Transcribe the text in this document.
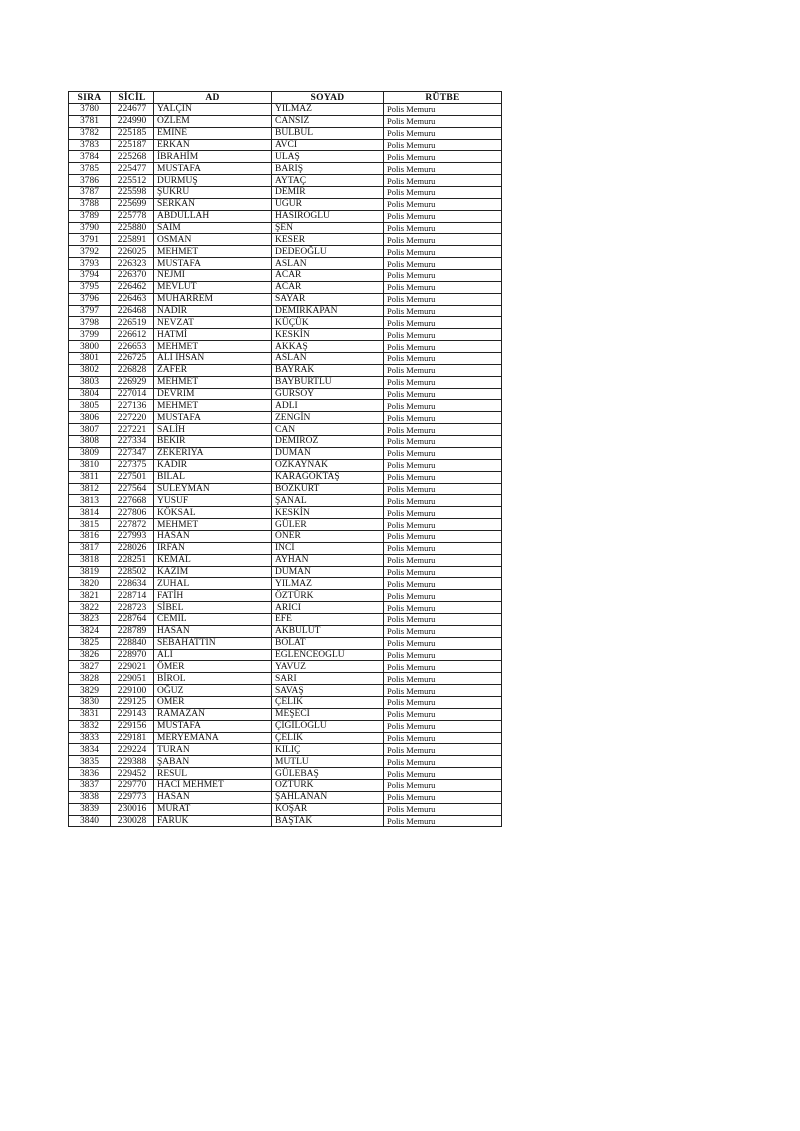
SIRA	SİCİL	AD	SOYAD	RÜTBE
3780	224677	YALÇIN	YILMAZ	Polis Memuru
3781	224990	ÖZLEM	CANSIZ	Polis Memuru
3782	225185	EMİNE	BÜLBÜL	Polis Memuru
3783	225187	ERKAN	AVCI	Polis Memuru
3784	225268	İBRAHİM	ULAŞ	Polis Memuru
3785	225477	MUSTAFA	BARIŞ	Polis Memuru
3786	225512	DURMUŞ	AYTAÇ	Polis Memuru
3787	225598	ŞÜKRÜ	DEMİR	Polis Memuru
3788	225699	SERKAN	UĞUR	Polis Memuru
3789	225778	ABDULLAH	HASIROĞLU	Polis Memuru
3790	225880	SAİM	ŞEN	Polis Memuru
3791	225891	OSMAN	KESER	Polis Memuru
3792	226025	MEHMET	DEDEOĞLU	Polis Memuru
3793	226323	MUSTAFA	ASLAN	Polis Memuru
3794	226370	NEJMİ	ACAR	Polis Memuru
3795	226462	MEVLÜT	ACAR	Polis Memuru
3796	226463	MUHARREM	SAYAR	Polis Memuru
3797	226468	NADİR	DEMİRKAPAN	Polis Memuru
3798	226519	NEVZAT	KÜÇÜK	Polis Memuru
3799	226612	HATMİ	KESKİN	Polis Memuru
3800	226653	MEHMET	AKKAŞ	Polis Memuru
3801	226725	ALİ İHSAN	ASLAN	Polis Memuru
3802	226828	ZAFER	BAYRAK	Polis Memuru
3803	226929	MEHMET	BAYBURTLU	Polis Memuru
3804	227014	DEVRİM	GÜRSOY	Polis Memuru
3805	227136	MEHMET	ADLI	Polis Memuru
3806	227220	MUSTAFA	ZENGİN	Polis Memuru
3807	227221	SALİH	CAN	Polis Memuru
3808	227334	BEKİR	DEMİRÖZ	Polis Memuru
3809	227347	ZEKERİYA	DUMAN	Polis Memuru
3810	227375	KADİR	ÖZKAYNAK	Polis Memuru
3811	227501	BİLAL	KARAGÖKTAŞ	Polis Memuru
3812	227564	SÜLEYMAN	BOZKURT	Polis Memuru
3813	227668	YUSUF	ŞANAL	Polis Memuru
3814	227806	KÖKSAL	KESKİN	Polis Memuru
3815	227872	MEHMET	GÜLER	Polis Memuru
3816	227993	HASAN	ÖNER	Polis Memuru
3817	228026	İRFAN	İNCİ	Polis Memuru
3818	228251	KEMAL	AYHAN	Polis Memuru
3819	228502	KAZIM	DUMAN	Polis Memuru
3820	228634	ZUHAL	YILMAZ	Polis Memuru
3821	228714	FATİH	ÖZTÜRK	Polis Memuru
3822	228723	SİBEL	ARICI	Polis Memuru
3823	228764	CEMİL	EFE	Polis Memuru
3824	228789	HASAN	AKBULUT	Polis Memuru
3825	228840	SEBAHATTİN	BOLAT	Polis Memuru
3826	228970	ALİ	EĞLENCEOĞLU	Polis Memuru
3827	229021	ÖMER	YAVUZ	Polis Memuru
3828	229051	BİROL	SARI	Polis Memuru
3829	229100	OĞUZ	SAVAŞ	Polis Memuru
3830	229125	ÖMER	ÇELİK	Polis Memuru
3831	229143	RAMAZAN	MEŞECİ	Polis Memuru
3832	229156	MUSTAFA	ÇİĞİLOĞLU	Polis Memuru
3833	229181	MERYEMANA	ÇELİK	Polis Memuru
3834	229224	TURAN	KILIÇ	Polis Memuru
3835	229388	ŞABAN	MUTLU	Polis Memuru
3836	229452	RESUL	GÜLEBAŞ	Polis Memuru
3837	229770	HACI MEHMET	ÖZTÜRK	Polis Memuru
3838	229773	HASAN	ŞAHLANAN	Polis Memuru
3839	230016	MURAT	KOŞAR	Polis Memuru
3840	230028	FARUK	BAŞTAK	Polis Memuru
